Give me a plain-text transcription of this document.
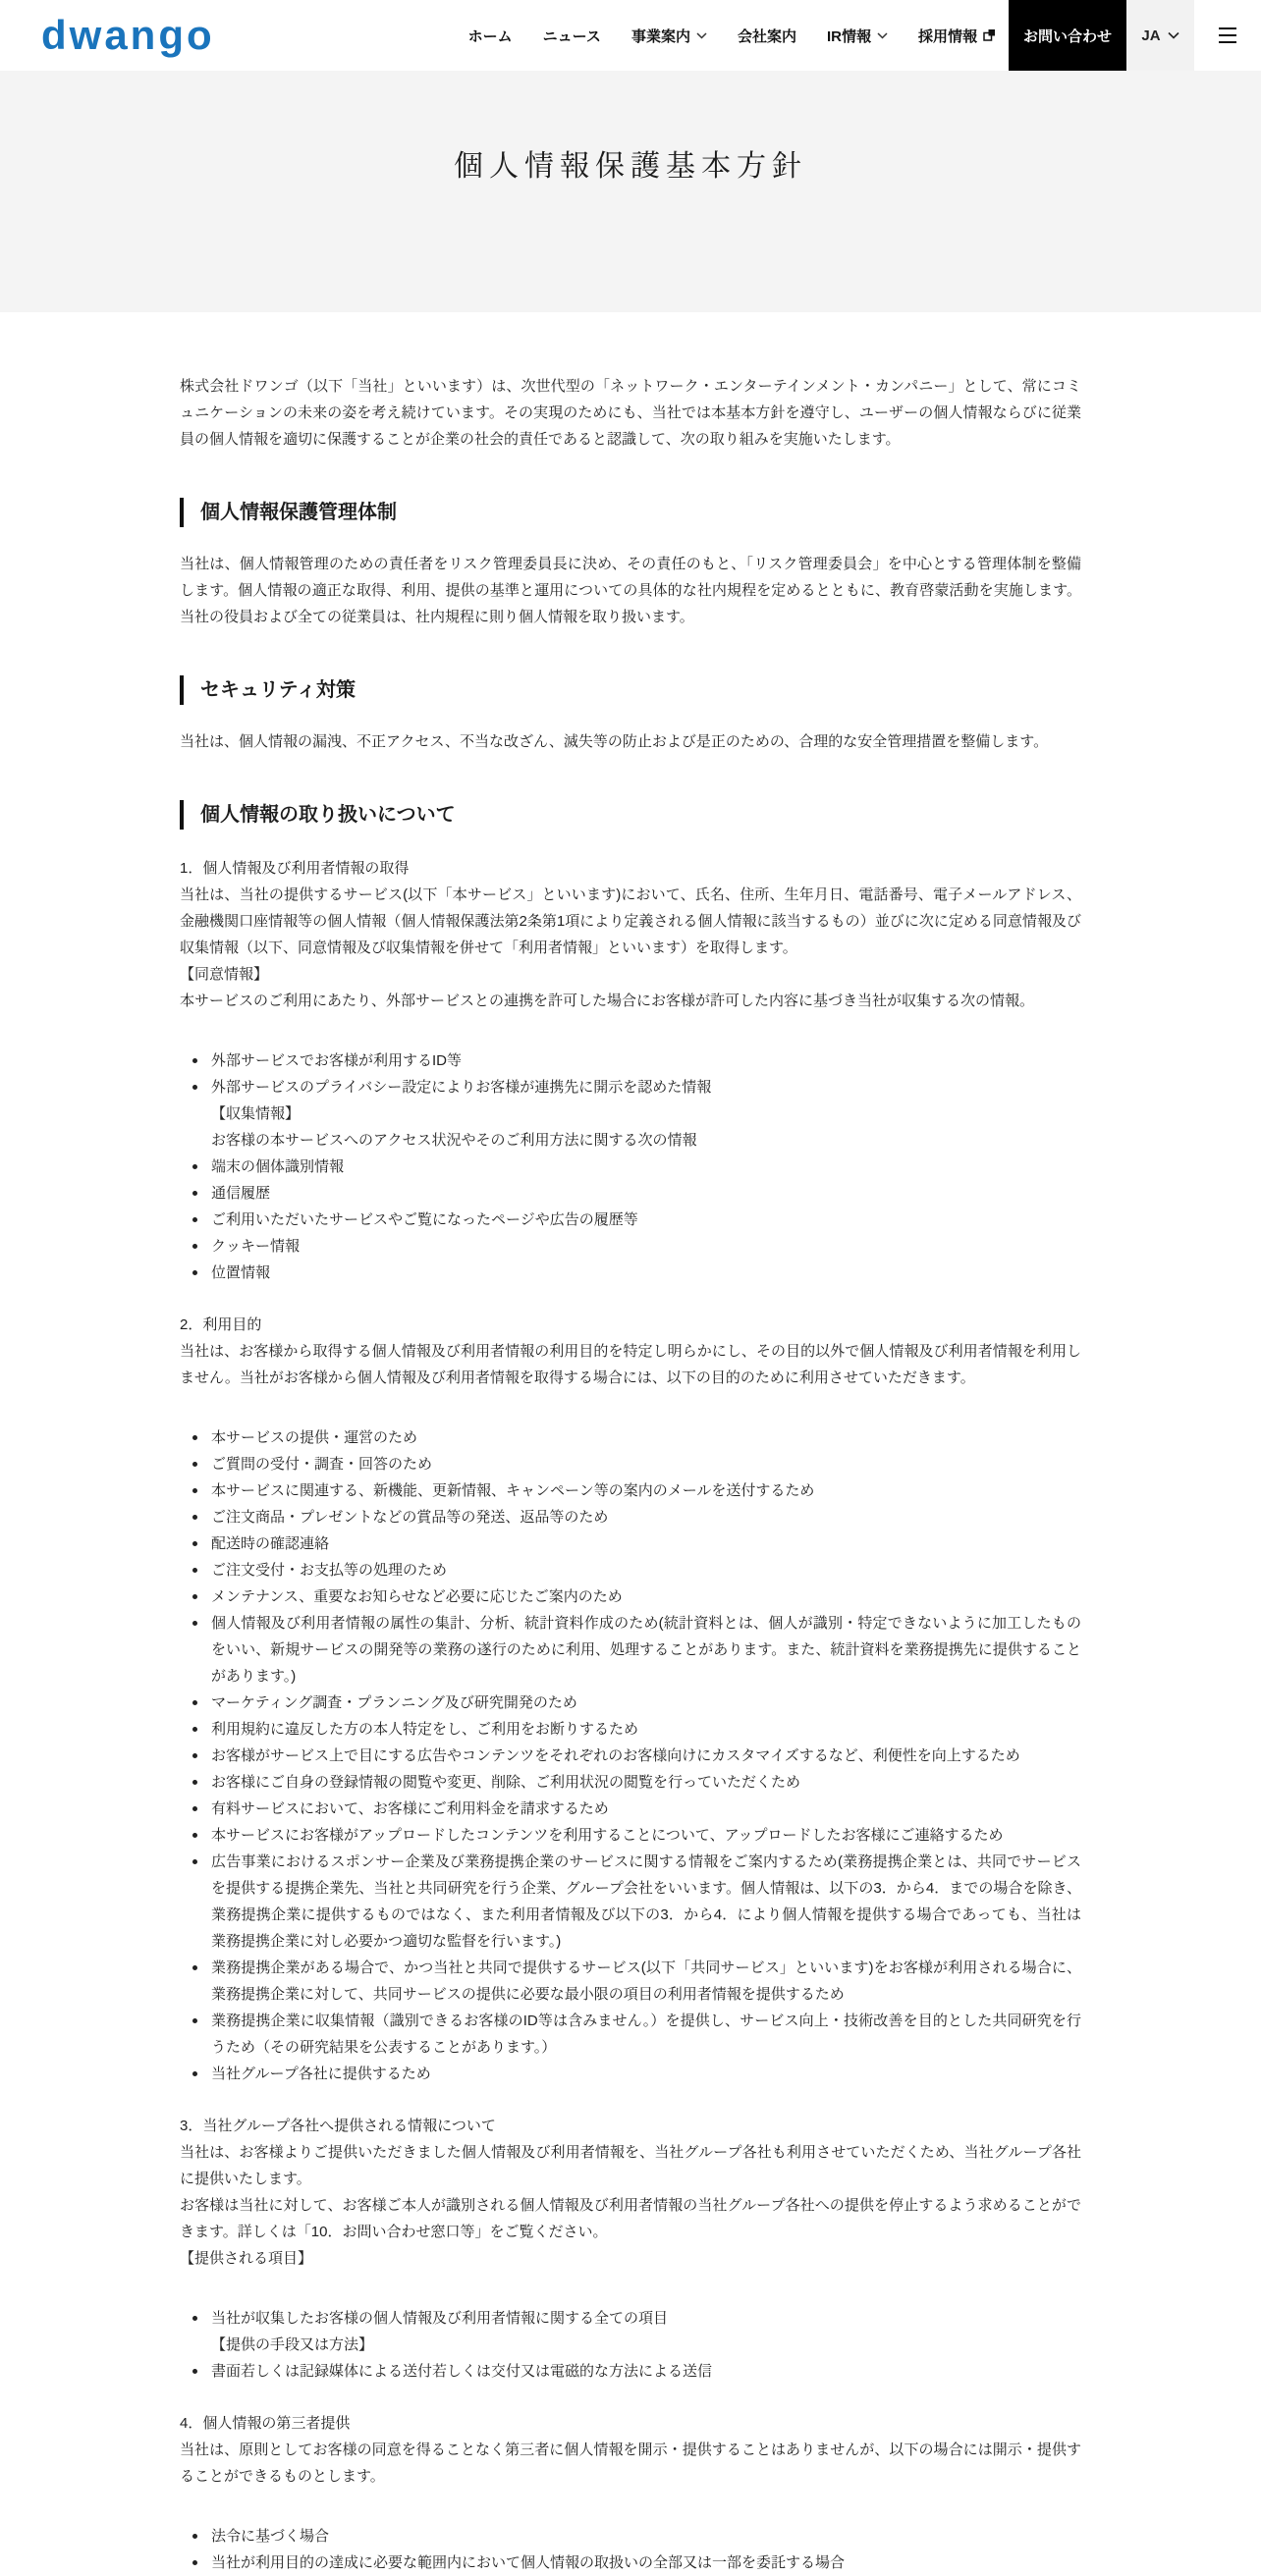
dwango	ホーム ニュース 事業案内	会社案内 IR情報	採用情報	お問い合わせ	JA
個人情報保護基本方針

株式会社ドワンゴ（以下「当社」といいます）は、次世代型の「ネットワーク・エンターテインメント・カンパニー」として、常にコミュニケーションの未来の姿を考え続けています。その実現のためにも、当社では本基本方針を遵守し、ユーザーの個人情報ならびに従業員の個人情報を適切に保護することが企業の社会的責任であると認識して、次の取り組みを実施いたします。

個人情報保護管理体制

当社は、個人情報管理のための責任者をリスク管理委員長に決め、その責任のもと、「リスク管理委員会」を中心とする管理体制を整備します。個人情報の適正な取得、利用、提供の基準と運用についての具体的な社内規程を定めるとともに、教育啓蒙活動を実施します。当社の役員および全ての従業員は、社内規程に則り個人情報を取り扱います。

セキュリティ対策

当社は、個人情報の漏洩、不正アクセス、不当な改ざん、滅失等の防止および是正のための、合理的な安全管理措置を整備します。

個人情報の取り扱いについて
1．個人情報及び利用者情報の取得

当社は、当社の提供するサービス(以下「本サービス」といいます)において、氏名、住所、生年月日、電話番号、電子メールアドレス、金融機関口座情報等の個人情報（個人情報保護法第2条第1項により定義される個人情報に該当するもの）並びに次に定める同意情報及び収集情報（以下、同意情報及び収集情報を併せて「利用者情報」といいます）を取得します。

【同意情報】

本サービスのご利用にあたり、外部サービスとの連携を許可した場合にお客様が許可した内容に基づき当社が収集する次の情報。

外部サービスでお客様が利用するID等
外部サービスのプライバシー設定によりお客様が連携先に開示を認めた情報
【収集情報】
お客様の本サービスへのアクセス状況やそのご利用方法に関する次の情報
端末の個体識別情報
通信履歴
ご利用いただいたサービスやご覧になったページや広告の履歴等
クッキー情報
位置情報
2．利用目的

当社は、お客様から取得する個人情報及び利用者情報の利用目的を特定し明らかにし、その目的以外で個人情報及び利用者情報を利用しません。当社がお客様から個人情報及び利用者情報を取得する場合には、以下の目的のために利用させていただきます。

本サービスの提供・運営のため
ご質問の受付・調査・回答のため
本サービスに関連する、新機能、更新情報、キャンペーン等の案内のメールを送付するため
ご注文商品・プレゼントなどの賞品等の発送、返品等のため
配送時の確認連絡
ご注文受付・お支払等の処理のため
メンテナンス、重要なお知らせなど必要に応じたご案内のため
個人情報及び利用者情報の属性の集計、分析、統計資料作成のため(統計資料とは、個人が識別・特定できないように加工したものをいい、新規サービスの開発等の業務の遂行のために利用、処理することがあります。また、統計資料を業務提携先に提供することがあります。)
マーケティング調査・プランニング及び研究開発のため
利用規約に違反した方の本人特定をし、ご利用をお断りするため
お客様がサービス上で目にする広告やコンテンツをそれぞれのお客様向けにカスタマイズするなど、利便性を向上するため
お客様にご自身の登録情報の閲覧や変更、削除、ご利用状況の閲覧を行っていただくため
有料サービスにおいて、お客様にご利用料金を請求するため
本サービスにお客様がアップロードしたコンテンツを利用することについて、アップロードしたお客様にご連絡するため
広告事業におけるスポンサー企業及び業務提携企業のサービスに関する情報をご案内するため(業務提携企業とは、共同でサービスを提供する提携企業先、当社と共同研究を行う企業、グループ会社をいいます。個人情報は、以下の3．から4．までの場合を除き、業務提携企業に提供するものではなく、また利用者情報及び以下の3．から4．により個人情報を提供する場合であっても、当社は業務提携企業に対し必要かつ適切な監督を行います。)
業務提携企業がある場合で、かつ当社と共同で提供するサービス(以下「共同サービス」といいます)をお客様が利用される場合に、業務提携企業に対して、共同サービスの提供に必要な最小限の項目の利用者情報を提供するため
業務提携企業に収集情報（識別できるお客様のID等は含みません。）を提供し、サービス向上・技術改善を目的とした共同研究を行うため（その研究結果を公表することがあります。）
当社グループ各社に提供するため
3．当社グループ各社へ提供される情報について

当社は、お客様よりご提供いただきました個人情報及び利用者情報を、当社グループ各社も利用させていただくため、当社グループ各社に提供いたします。

お客様は当社に対して、お客様ご本人が識別される個人情報及び利用者情報の当社グループ各社への提供を停止するよう求めることができます。詳しくは「10．お問い合わせ窓口等」をご覧ください。

【提供される項目】

当社が収集したお客様の個人情報及び利用者情報に関する全ての項目
【提供の手段又は方法】
書面若しくは記録媒体による送付若しくは交付又は電磁的な方法による送信
4．個人情報の第三者提供

当社は、原則としてお客様の同意を得ることなく第三者に個人情報を開示・提供することはありませんが、以下の場合には開示・提供することができるものとします。

法令に基づく場合
当社が利用目的の達成に必要な範囲内において個人情報の取扱いの全部又は一部を委託する場合
